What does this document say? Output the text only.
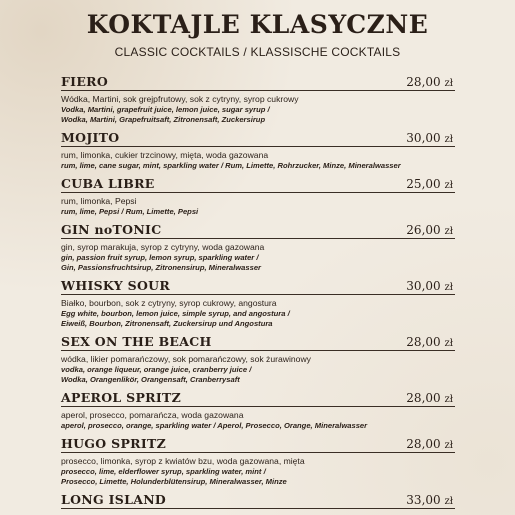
KOKTAJLE KLASYCZNE
CLASSIC COCKTAILS / KLASSISCHE COCKTAILS
FIERO	28,00 zł
Wódka, Martini, sok grejpfrutowy, sok z cytryny, syrop cukrowy
Vodka, Martini, grapefruit juice, lemon juice, sugar syrup /
Wodka, Martini, Grapefruitsaft, Zitronensaft, Zuckersirup
MOJITO	30,00 zł
rum, limonka, cukier trzcinowy, mięta, woda gazowana
rum, lime, cane sugar, mint, sparkling water / Rum, Limette, Rohrzucker, Minze, Mineralwasser
CUBA LIBRE	25,00 zł
rum, limonka, Pepsi
rum, lime, Pepsi / Rum, Limette, Pepsi
GIN noTONIC	26,00 zł
gin, syrop marakuja, syrop z cytryny, woda gazowana
gin, passion fruit syrup, lemon syrup, sparkling water /
Gin, Passionsfruchtsirup, Zitronensirup, Mineralwasser
WHISKY SOUR	30,00 zł
Białko, bourbon, sok z cytryny, syrop cukrowy, angostura
Egg white, bourbon, lemon juice, simple syrup, and angostura /
Eiweiß, Bourbon, Zitronensaft, Zuckersirup und Angostura
SEX ON THE BEACH	28,00 zł
wódka, likier pomarańczowy, sok pomarańczowy, sok żurawinowy
vodka, orange liqueur, orange juice, cranberry juice /
Wodka, Orangenlikör, Orangensaft, Cranberrysaft
APEROL SPRITZ	28,00 zł
aperol, prosecco, pomarańcza, woda gazowana
aperol, prosecco, orange, sparkling water / Aperol, Prosecco, Orange, Mineralwasser
HUGO SPRITZ	28,00 zł
prosecco, limonka, syrop z kwiatów bzu, woda gazowana, mięta
prosecco, lime, elderflower syrup, sparkling water, mint /
Prosecco, Limette, Holunderblütensirup, Mineralwasser, Minze
LONG ISLAND	33,00 zł
